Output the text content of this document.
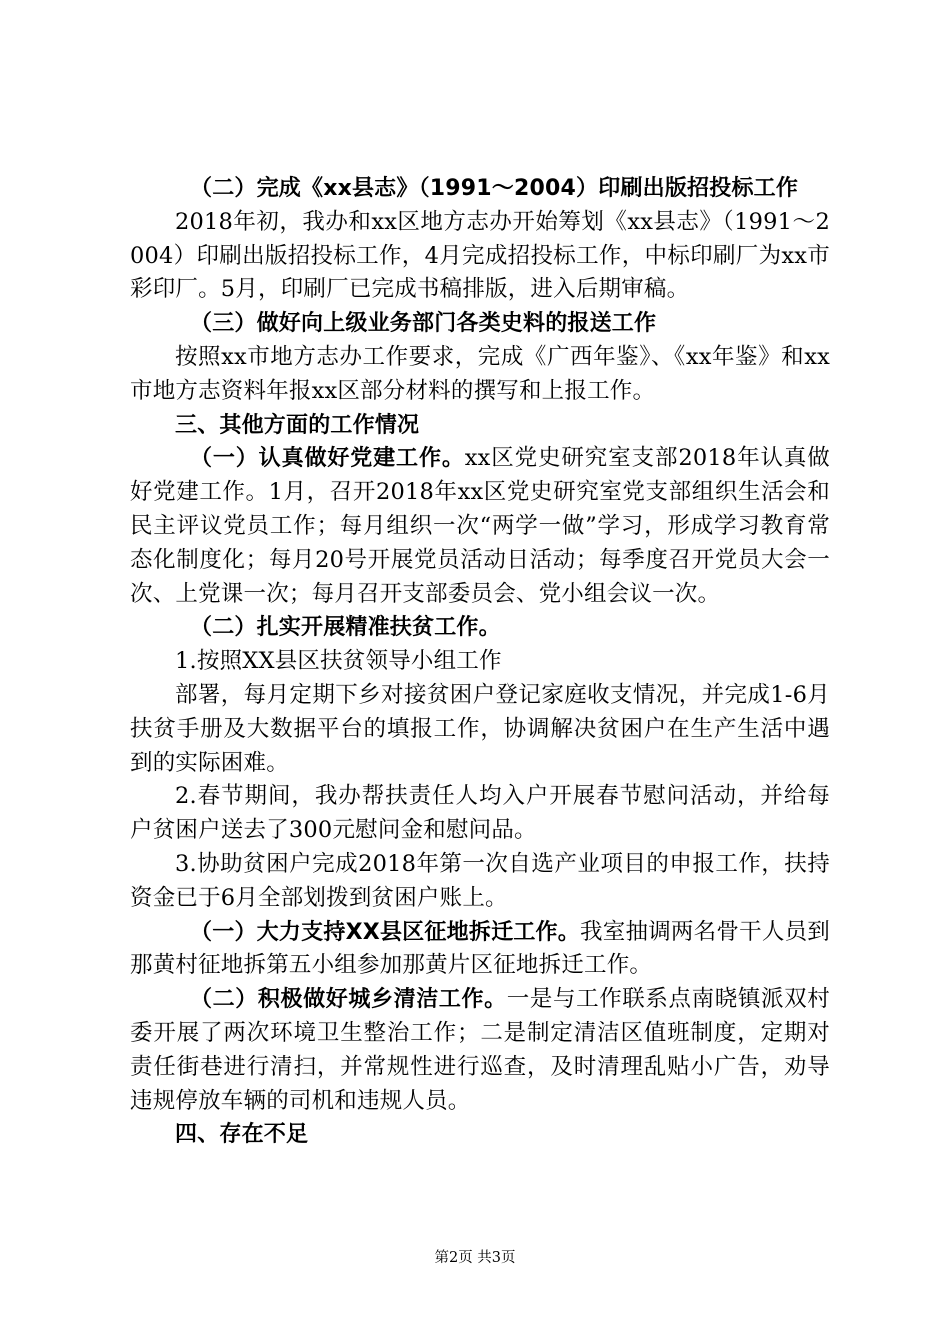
（二）完成《xx县志》（1991～2004）印刷出版招投标工作

2018年初，我办和xx区地方志办开始筹划《xx县志》（1991～2004）印刷出版招投标工作，4月完成招投标工作，中标印刷厂为xx市彩印厂。5月，印刷厂已完成书稿排版，进入后期审稿。

（三）做好向上级业务部门各类史料的报送工作

按照xx市地方志办工作要求，完成《广西年鉴》、《xx年鉴》和xx市地方志资料年报xx区部分材料的撰写和上报工作。

三、其他方面的工作情况

（一）认真做好党建工作。xx区党史研究室支部2018年认真做好党建工作。1月，召开2018年xx区党史研究室党支部组织生活会和民主评议党员工作；每月组织一次“两学一做”学习，形成学习教育常态化制度化；每月20号开展党员活动日活动；每季度召开党员大会一次、上党课一次；每月召开支部委员会、党小组会议一次。

（二）扎实开展精准扶贫工作。

1.按照XX县区扶贫领导小组工作

部署，每月定期下乡对接贫困户登记家庭收支情况，并完成1-6月扶贫手册及大数据平台的填报工作，协调解决贫困户在生产生活中遇到的实际困难。

2.春节期间，我办帮扶责任人均入户开展春节慰问活动，并给每户贫困户送去了300元慰问金和慰问品。

3.协助贫困户完成2018年第一次自选产业项目的申报工作，扶持资金已于6月全部划拨到贫困户账上。

（一）大力支持XX县区征地拆迁工作。我室抽调两名骨干人员到那黄村征地拆第五小组参加那黄片区征地拆迁工作。

（二）积极做好城乡清洁工作。一是与工作联系点南晓镇派双村委开展了两次环境卫生整治工作；二是制定清洁区值班制度，定期对责任街巷进行清扫，并常规性进行巡查，及时清理乱贴小广告，劝导违规停放车辆的司机和违规人员。

四、存在不足

第2页 共3页
